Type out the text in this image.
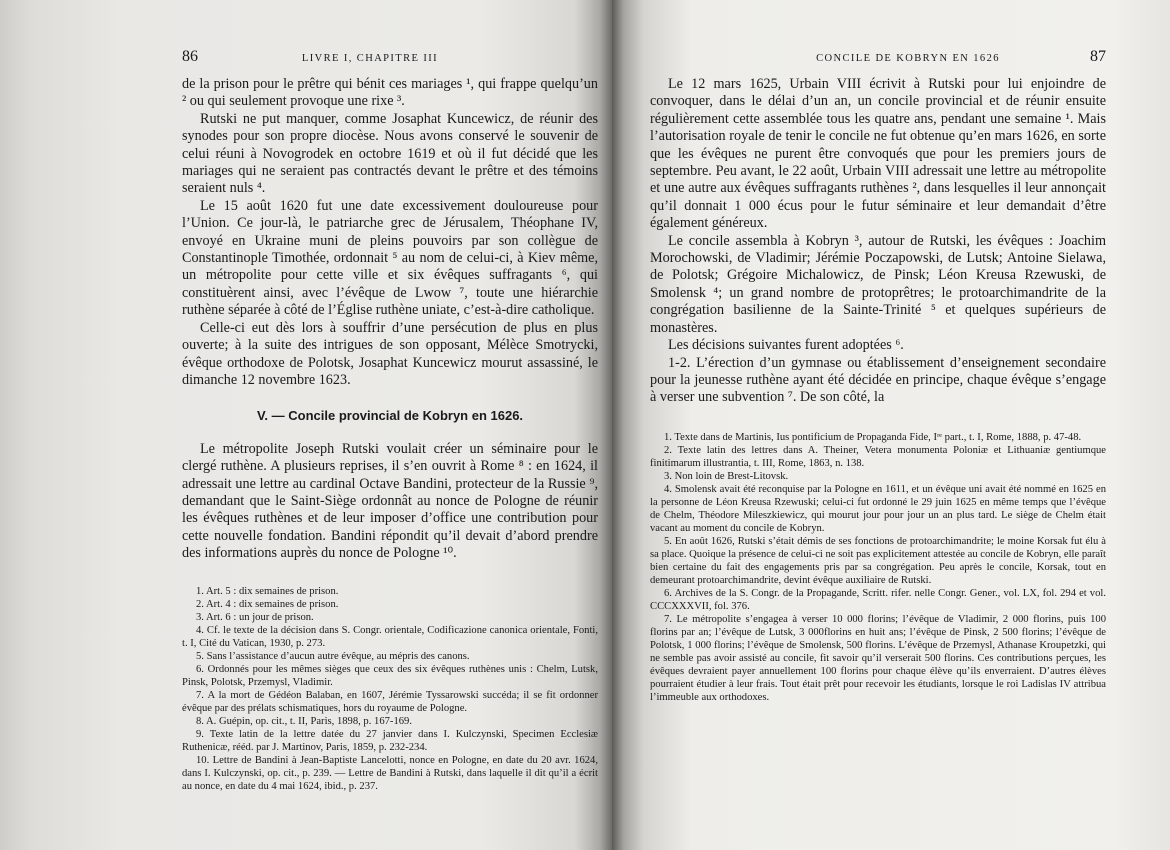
86	LIVRE I, CHAPITRE III

de la prison pour le prêtre qui bénit ces mariages ¹, qui frappe quelqu’un ² ou qui seulement provoque une rixe ³.

Rutski ne put manquer, comme Josaphat Kuncewicz, de réunir des synodes pour son propre diocèse. Nous avons conservé le souvenir de celui réuni à Novogrodek en octobre 1619 et où il fut décidé que les mariages qui ne seraient pas contractés devant le prêtre et des témoins seraient nuls ⁴.

Le 15 août 1620 fut une date excessivement douloureuse pour l’Union. Ce jour-là, le patriarche grec de Jérusalem, Théophane IV, envoyé en Ukraine muni de pleins pouvoirs par son collègue de Constantinople Timothée, ordonnait ⁵ au nom de celui-ci, à Kiev même, un métropolite pour cette ville et six évêques suffragants ⁶, qui constituèrent ainsi, avec l’évêque de Lwow ⁷, toute une hiérarchie ruthène séparée à côté de l’Église ruthène uniate, c’est-à-dire catholique.

Celle-ci eut dès lors à souffrir d’une persécution de plus en plus ouverte; à la suite des intrigues de son opposant, Mélèce Smotrycki, évêque orthodoxe de Polotsk, Josaphat Kuncewicz mourut assassiné, le dimanche 12 novembre 1623.

V. — Concile provincial de Kobryn en 1626.

Le métropolite Joseph Rutski voulait créer un séminaire pour le clergé ruthène. A plusieurs reprises, il s’en ouvrit à Rome ⁸ : en 1624, il adressait une lettre au cardinal Octave Bandini, protecteur de la Russie ⁹, demandant que le Saint-Siège ordonnât au nonce de Pologne de réunir les évêques ruthènes et de leur imposer d’office une contribution pour cette nouvelle fondation. Bandini répondit qu’il devait d’abord prendre des informations auprès du nonce de Pologne ¹⁰.

1. Art. 5 : dix semaines de prison.

2. Art. 4 : dix semaines de prison.

3. Art. 6 : un jour de prison.

4. Cf. le texte de la décision dans S. Congr. orientale, Codificazione canonica orientale, Fonti, t. I, Cité du Vatican, 1930, p. 273.

5. Sans l’assistance d’aucun autre évêque, au mépris des canons.

6. Ordonnés pour les mêmes sièges que ceux des six évêques ruthènes unis : Chelm, Lutsk, Pinsk, Polotsk, Przemysl, Vladimir.

7. A la mort de Gédéon Balaban, en 1607, Jérémie Tyssarowski succéda; il se fit ordonner évêque par des prélats schismatiques, hors du royaume de Pologne.

8. A. Guépin, op. cit., t. II, Paris, 1898, p. 167-169.

9. Texte latin de la lettre datée du 27 janvier dans I. Kulczynski, Specimen Ecclesiæ Ruthenicæ, rééd. par J. Martinov, Paris, 1859, p. 232-234.

10. Lettre de Bandini à Jean-Baptiste Lancelotti, nonce en Pologne, en date du 20 avr. 1624, dans I. Kulczynski, op. cit., p. 239. — Lettre de Bandini à Rutski, dans laquelle il dit qu’il a écrit au nonce, en date du 4 mai 1624, ibid., p. 237.

CONCILE DE KOBRYN EN 1626	87

Le 12 mars 1625, Urbain VIII écrivit à Rutski pour lui enjoindre de convoquer, dans le délai d’un an, un concile provincial et de réunir ensuite régulièrement cette assemblée tous les quatre ans, pendant une semaine ¹. Mais l’autorisation royale de tenir le concile ne fut obtenue qu’en mars 1626, en sorte que les évêques ne purent être convoqués que pour les premiers jours de septembre. Peu avant, le 22 août, Urbain VIII adressait une lettre au métropolite et une autre aux évêques suffragants ruthènes ², dans lesquelles il leur annonçait qu’il donnait 1 000 écus pour le futur séminaire et leur demandait d’être également généreux.

Le concile assembla à Kobryn ³, autour de Rutski, les évêques : Joachim Morochowski, de Vladimir; Jérémie Poczapowski, de Lutsk; Antoine Sielawa, de Polotsk; Grégoire Michalowicz, de Pinsk; Léon Kreusa Rzewuski, de Smolensk ⁴; un grand nombre de protoprêtres; le protoarchimandrite de la congrégation basilienne de la Sainte-Trinité ⁵ et quelques supérieurs de monastères.

Les décisions suivantes furent adoptées ⁶.

1-2. L’érection d’un gymnase ou établissement d’enseignement secondaire pour la jeunesse ruthène ayant été décidée en principe, chaque évêque s’engage à verser une subvention ⁷. De son côté, la

1. Texte dans de Martinis, Ius pontificium de Propaganda Fide, Iʳᵉ part., t. I, Rome, 1888, p. 47-48.

2. Texte latin des lettres dans A. Theiner, Vetera monumenta Poloniæ et Lithuaniæ gentiumque finitimarum illustrantia, t. III, Rome, 1863, n. 138.

3. Non loin de Brest-Litovsk.

4. Smolensk avait été reconquise par la Pologne en 1611, et un évêque uni avait été nommé en 1625 en la personne de Léon Kreusa Rzewuski; celui-ci fut ordonné le 29 juin 1625 en même temps que l’évêque de Chelm, Théodore Mileszkiewicz, qui mourut jour pour jour un an plus tard. Le siège de Chelm était vacant au moment du concile de Kobryn.

5. En août 1626, Rutski s’était démis de ses fonctions de protoarchimandrite; le moine Korsak fut élu à sa place. Quoique la présence de celui-ci ne soit pas explicitement attestée au concile de Kobryn, elle paraît bien certaine du fait des engagements pris par sa congrégation. Peu après le concile, Korsak, tout en demeurant protoarchimandrite, devint évêque auxiliaire de Rutski.

6. Archives de la S. Congr. de la Propagande, Scritt. rifer. nelle Congr. Gener., vol. LX, fol. 294 et vol. CCCXXXVII, fol. 376.

7. Le métropolite s’engagea à verser 10 000 florins; l’évêque de Vladimir, 2 000 florins, puis 100 florins par an; l’évêque de Lutsk, 3 000florins en huit ans; l’évêque de Pinsk, 2 500 florins; l’évêque de Polotsk, 1 000 florins; l’évêque de Smolensk, 500 florins. L’évêque de Przemysl, Athanase Kroupetzki, qui ne semble pas avoir assisté au concile, fit savoir qu’il verserait 500 florins. Ces contributions perçues, les évêques devraient payer annuellement 100 florins pour chaque élève qu’ils enverraient. D’autres élèves pourraient étudier à leur frais. Tout était prêt pour recevoir les étudiants, lorsque le roi Ladislas IV attribua l’immeuble aux orthodoxes.
